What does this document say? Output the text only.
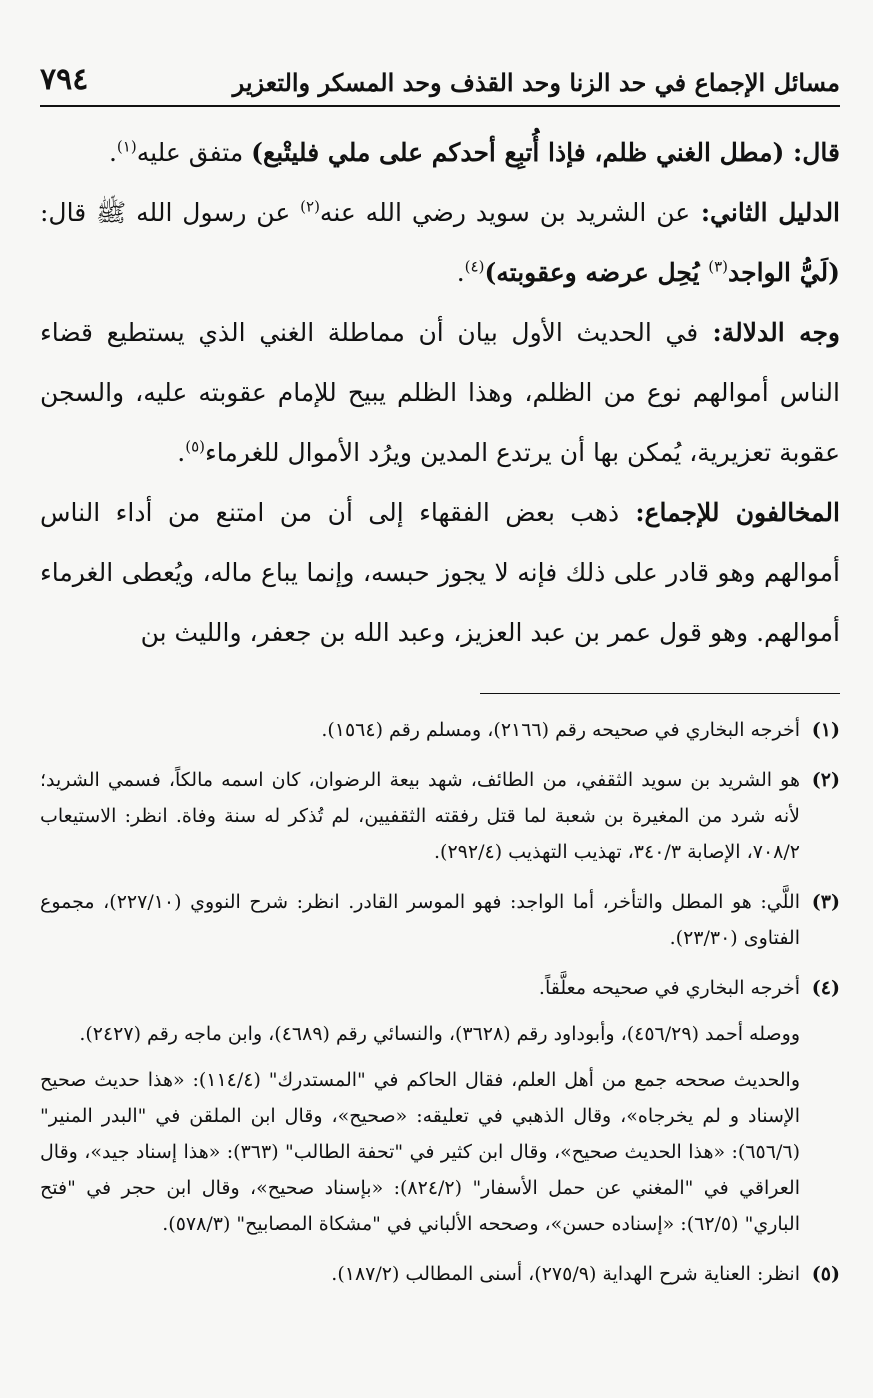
مسائل الإجماع في حد الزنا وحد القذف وحد المسكر والتعزير
٧٩٤

قال: (مطل الغني ظلم، فإذا أُتبِع أحدكم على ملي فليتْبع) متفق عليه$^{(١)}$.

الدليل الثاني: عن الشريد بن سويد رضي الله عنه$^{(٢)}$ عن رسول الله ﷺ قال: (لَيُّ الواجد$^{(٣)}$ يُحِل عرضه وعقوبته)$^{(٤)}$.

وجه الدلالة: في الحديث الأول بيان أن مماطلة الغني الذي يستطيع قضاء الناس أموالهم نوع من الظلم، وهذا الظلم يبيح للإمام عقوبته عليه، والسجن عقوبة تعزيرية، يُمكن بها أن يرتدع المدين ويرُد الأموال للغرماء$^{(٥)}$.

المخالفون للإجماع: ذهب بعض الفقهاء إلى أن من امتنع من أداء الناس أموالهم وهو قادر على ذلك فإنه لا يجوز حبسه، وإنما يباع ماله، ويُعطى الغرماء أموالهم. وهو قول عمر بن عبد العزيز، وعبد الله بن جعفر، والليث بن

(١)

أخرجه البخاري في صحيحه رقم (٢١٦٦)، ومسلم رقم (١٥٦٤).

(٢)

هو الشريد بن سويد الثقفي، من الطائف، شهد بيعة الرضوان، كان اسمه مالكاً، فسمي الشريد؛ لأنه شرد من المغيرة بن شعبة لما قتل رفقته الثقفيين، لم تُذكر له سنة وفاة. انظر: الاستيعاب ٧٠٨/٢، الإصابة ٣٤٠/٣، تهذيب التهذيب (٢٩٢/٤).

(٣)

اللَّي: هو المطل والتأخر، أما الواجد: فهو الموسر القادر. انظر: شرح النووي (٢٢٧/١٠)، مجموع الفتاوى (٢٣/٣٠).

(٤)

أخرجه البخاري في صحيحه معلَّقاً.

ووصله أحمد (٤٥٦/٢٩)، وأبوداود رقم (٣٦٢٨)، والنسائي رقم (٤٦٨٩)، وابن ماجه رقم (٢٤٢٧).

والحديث صححه جمع من أهل العلم، فقال الحاكم في "المستدرك" (١١٤/٤): «هذا حديث صحيح الإسناد و لم يخرجاه»، وقال الذهبي في تعليقه: «صحيح»، وقال ابن الملقن في "البدر المنير" (٦٥٦/٦): «هذا الحديث صحيح»، وقال ابن كثير في "تحفة الطالب" (٣٦٣): «هذا إسناد جيد»، وقال العراقي في "المغني عن حمل الأسفار" (٨٢٤/٢): «بإسناد صحيح»، وقال ابن حجر في "فتح الباري" (٦٢/٥): «إسناده حسن»، وصححه الألباني في "مشكاة المصابيح" (٥٧٨/٣).

(٥)

انظر: العناية شرح الهداية (٢٧٥/٩)، أسنى المطالب (١٨٧/٢).
